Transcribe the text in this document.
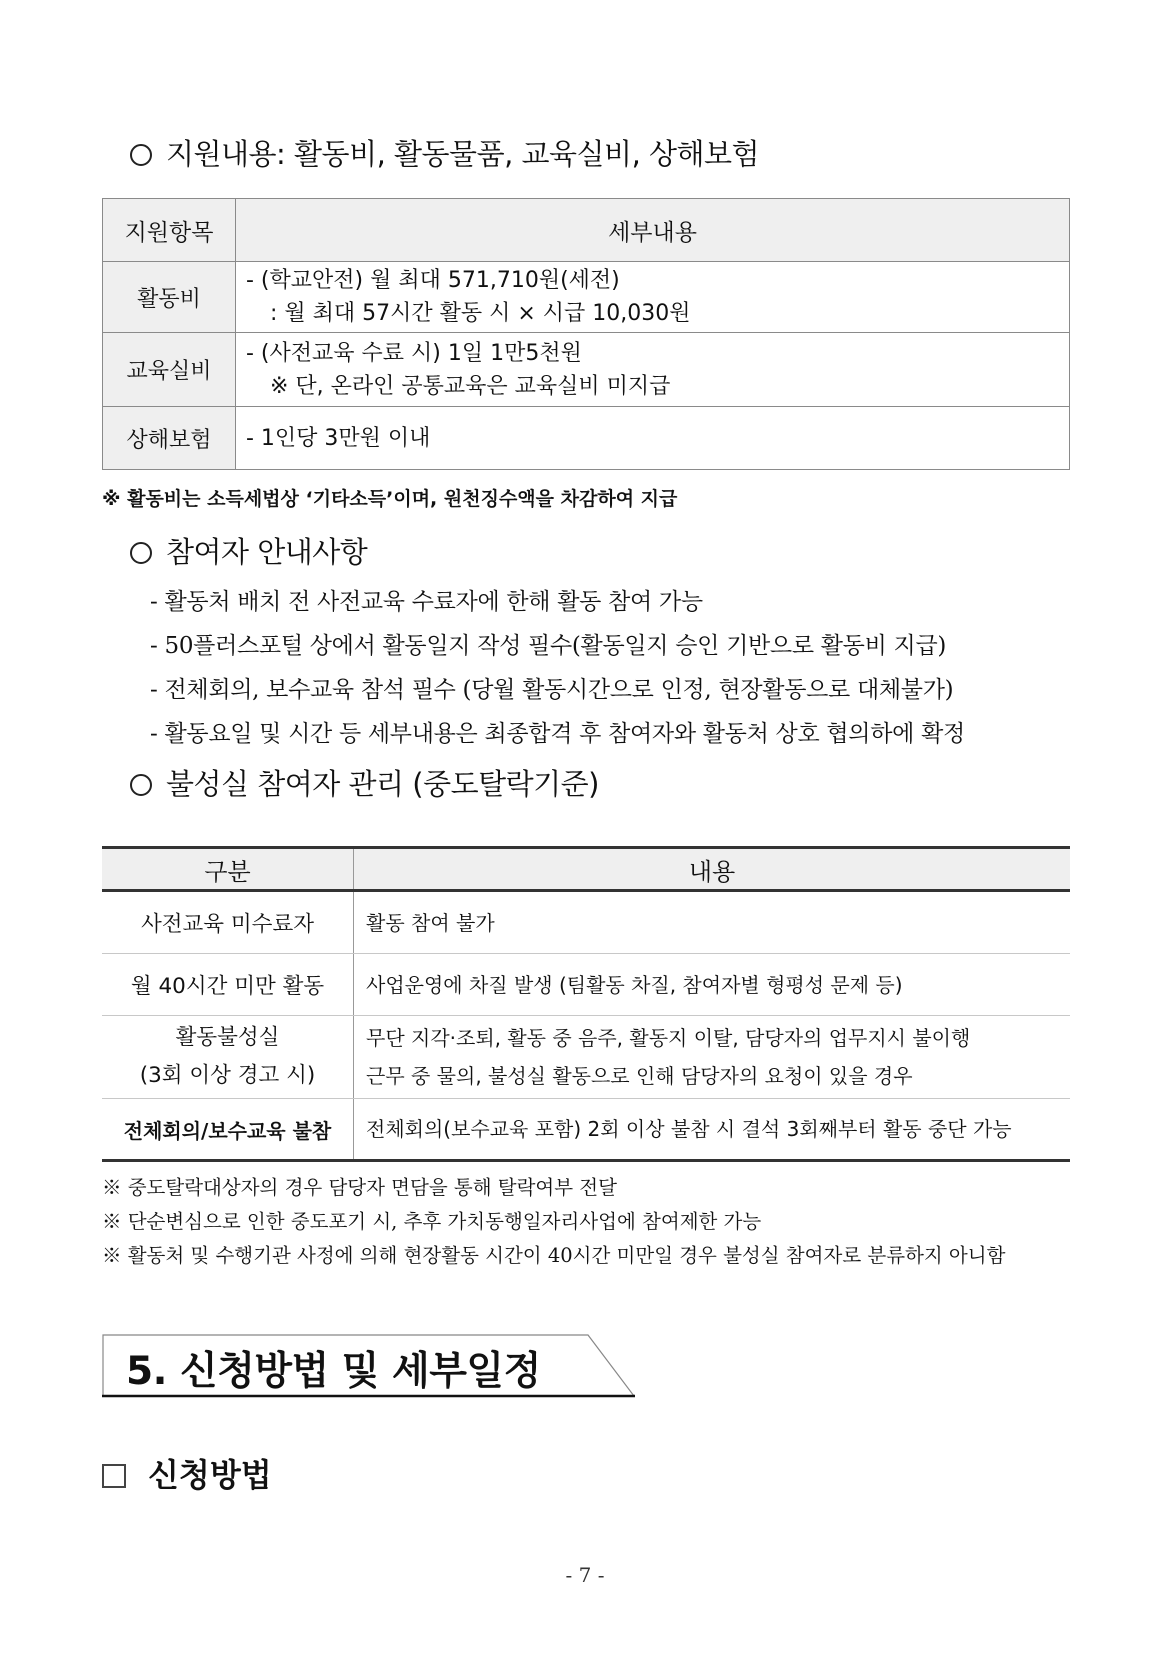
지원내용: 활동비, 활동물품, 교육실비, 상해보험
지원항목	세부내용
활동비	- (학교안전) 월 최대 571,710원(세전)
: 월 최대 57시간 활동 시 × 시급 10,030원

교육실비	- (사전교육 수료 시) 1일 1만5천원
※ 단, 온라인 공통교육은 교육실비 미지급

상해보험	- 1인당 3만원 이내
※ 활동비는 소득세법상 ‘기타소득’이며, 원천징수액을 차감하여 지급
참여자 안내사항
- 활동처 배치 전 사전교육 수료자에 한해 활동 참여 가능
- 50플러스포털 상에서 활동일지 작성 필수(활동일지 승인 기반으로 활동비 지급)
- 전체회의, 보수교육 참석 필수 (당월 활동시간으로 인정, 현장활동으로 대체불가)
- 활동요일 및 시간 등 세부내용은 최종합격 후 참여자와 활동처 상호 협의하에 확정
불성실 참여자 관리 (중도탈락기준)
구분	내용
사전교육 미수료자	활동 참여 불가
월 40시간 미만 활동	사업운영에 차질 발생 (팀활동 차질, 참여자별 형평성 문제 등)

활동불성실
(3회 이상 경고 시)	무단 지각·조퇴, 활동 중 음주, 활동지 이탈, 담당자의 업무지시 불이행
근무 중 물의, 불성실 활동으로 인해 담당자의 요청이 있을 경우

전체회의/보수교육 불참	전체회의(보수교육 포함) 2회 이상 불참 시 결석 3회째부터 활동 중단 가능
※ 중도탈락대상자의 경우 담당자 면담을 통해 탈락여부 전달
※ 단순변심으로 인한 중도포기 시, 추후 가치동행일자리사업에 참여제한 가능
※ 활동처 및 수행기관 사정에 의해 현장활동 시간이 40시간 미만일 경우 불성실 참여자로 분류하지 아니함
5. 신청방법 및 세부일정
신청방법
- 7 -
